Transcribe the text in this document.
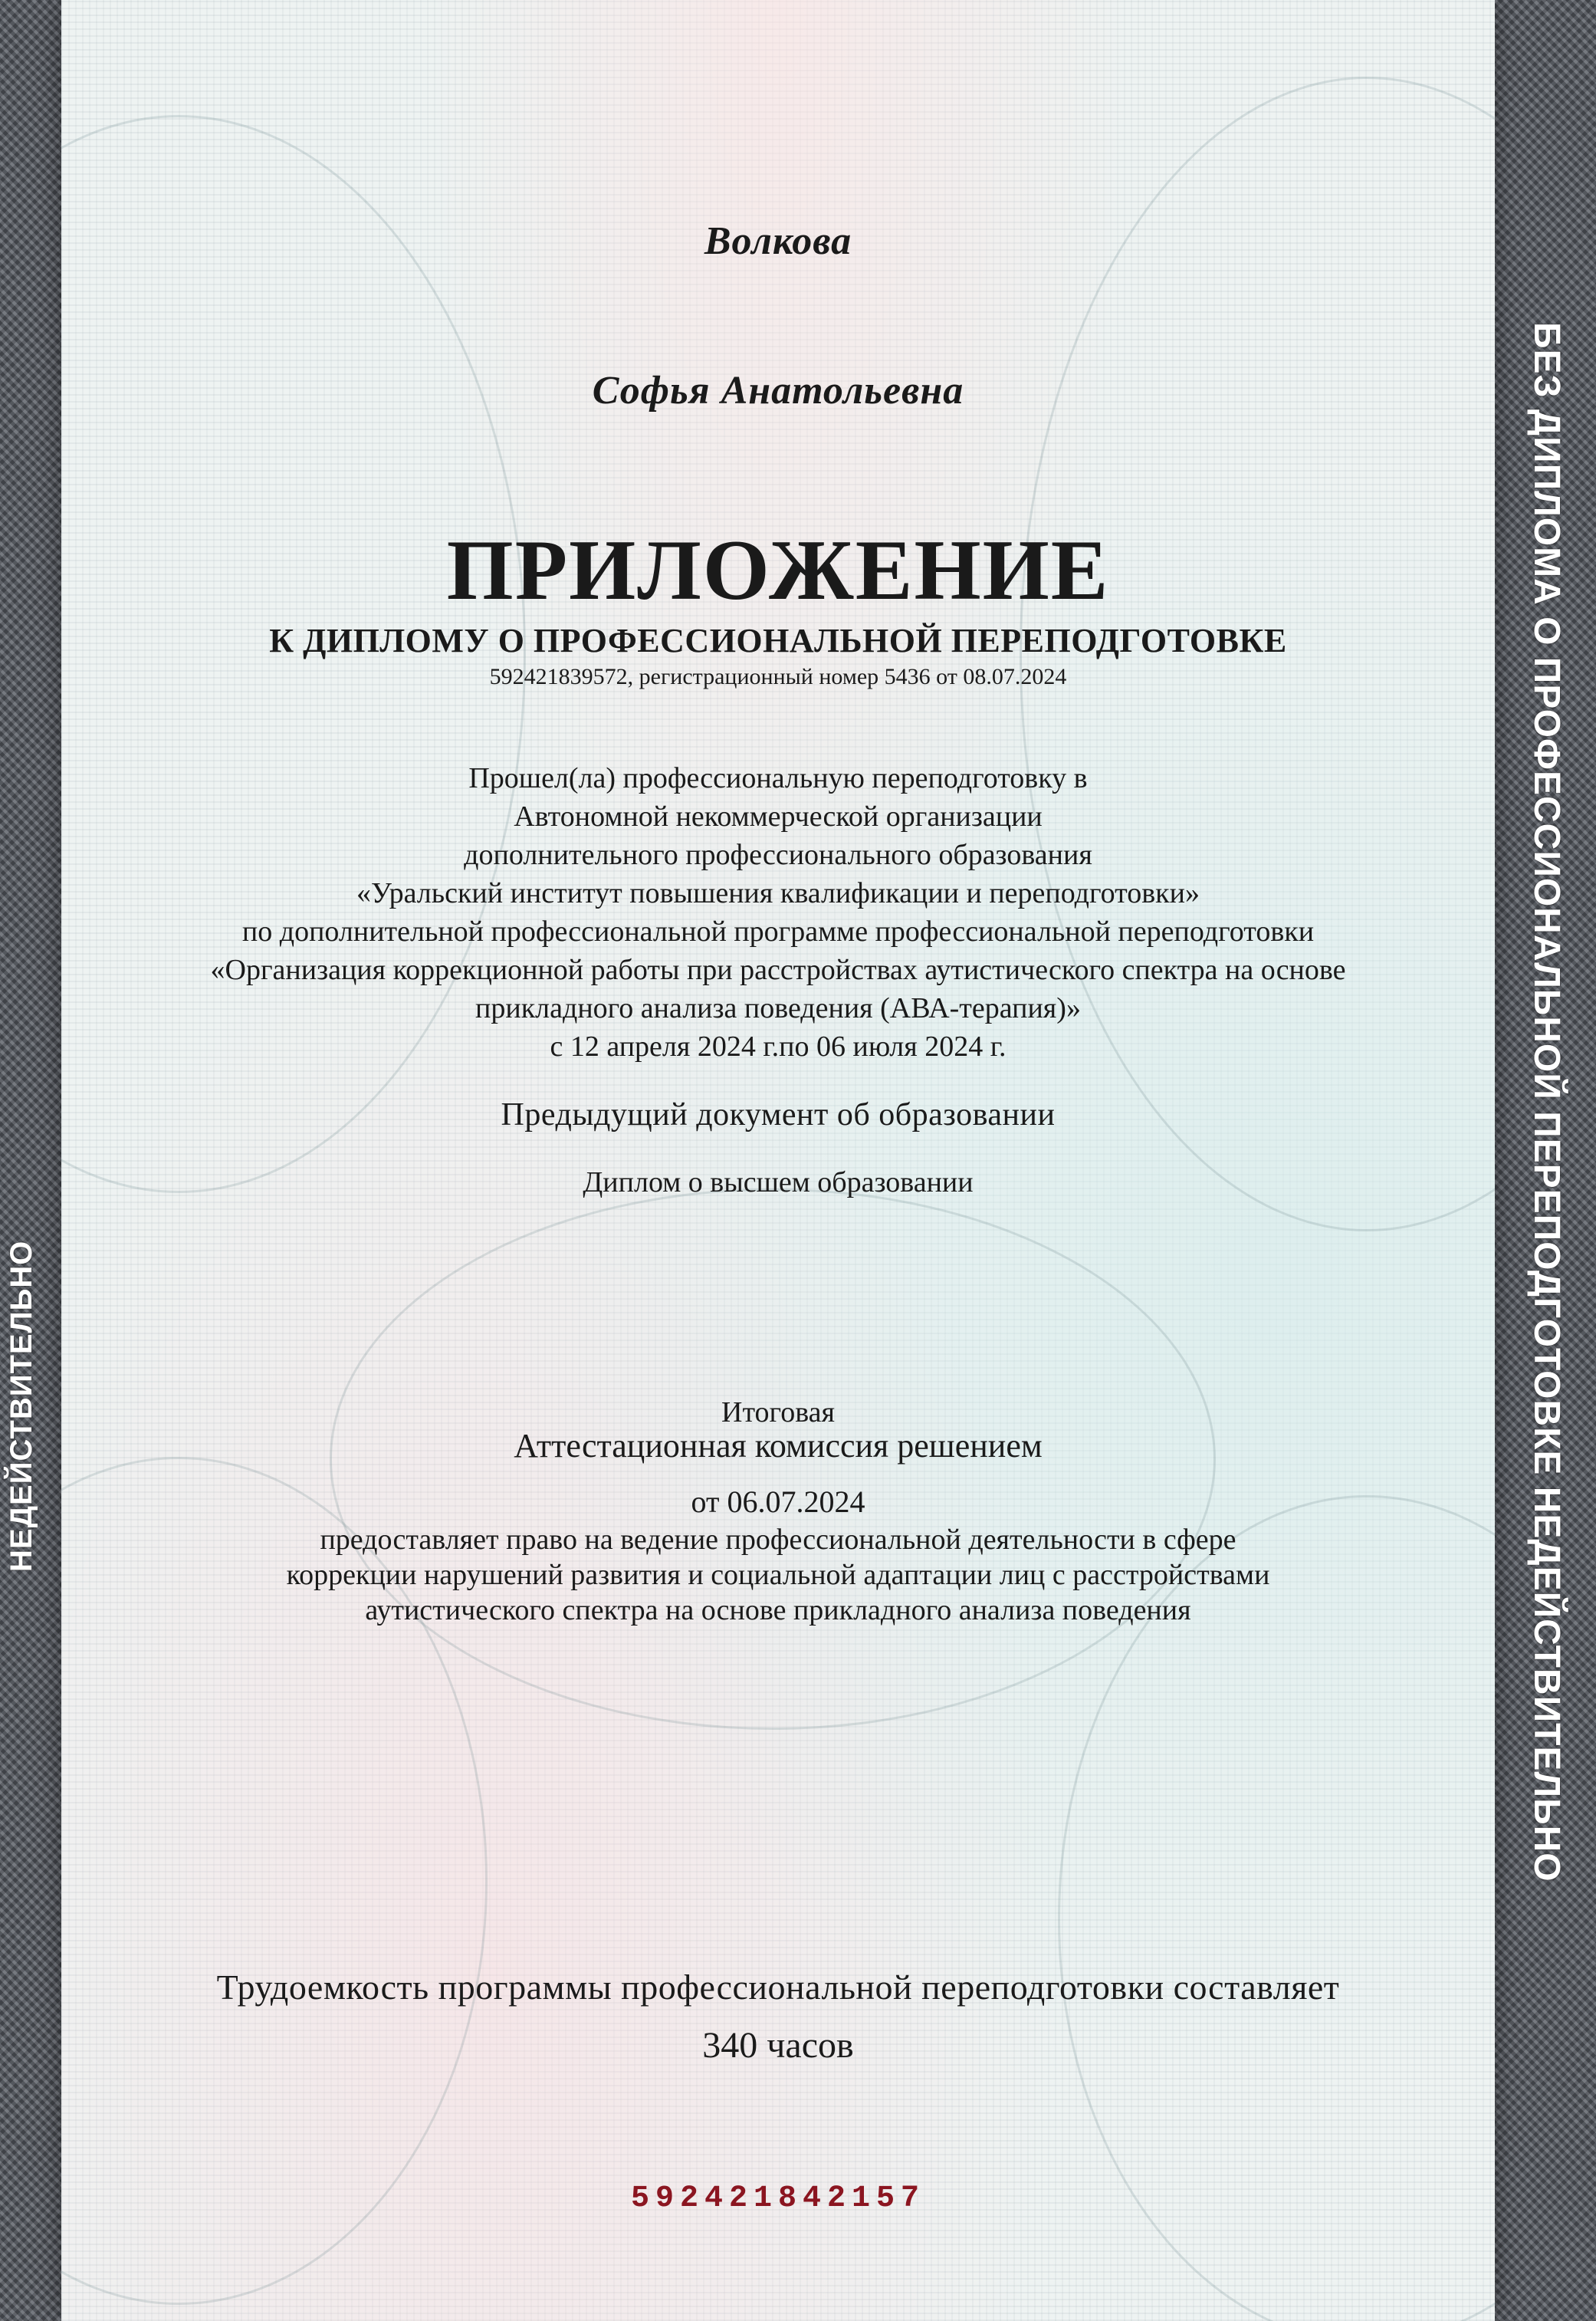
НЕДЕЙСТВИТЕЛЬНО
Волкова
Софья Анатольевна
ПРИЛОЖЕНИЕ
К ДИПЛОМУ О ПРОФЕССИОНАЛЬНОЙ ПЕРЕПОДГОТОВКЕ
592421839572, регистрационный номер 5436 от 08.07.2024
Прошел(ла) профессиональную переподготовку в
Автономной некоммерческой организации
дополнительного профессионального образования
«Уральский институт повышения квалификации и переподготовки»
по дополнительной профессиональной программе профессиональной переподготовки
«Организация коррекционной работы при расстройствах аутистического спектра на основе
прикладного анализа поведения (АВА-терапия)»
с 12 апреля 2024 г.по 06 июля 2024 г.
Предыдущий документ об образовании
Диплом о высшем образовании
Итоговая
Аттестационная комиссия решением
от 06.07.2024
предоставляет право на ведение профессиональной деятельности в сфере
коррекции нарушений развития и социальной адаптации лиц с расстройствами
аутистического спектра на основе прикладного анализа поведения
Трудоемкость программы профессиональной переподготовки составляет
340 часов
592421842157
БЕЗ ДИПЛОМА О ПРОФЕССИОНАЛЬНОЙ ПЕРЕПОДГОТОВКЕ НЕДЕЙСТВИТЕЛЬНО
